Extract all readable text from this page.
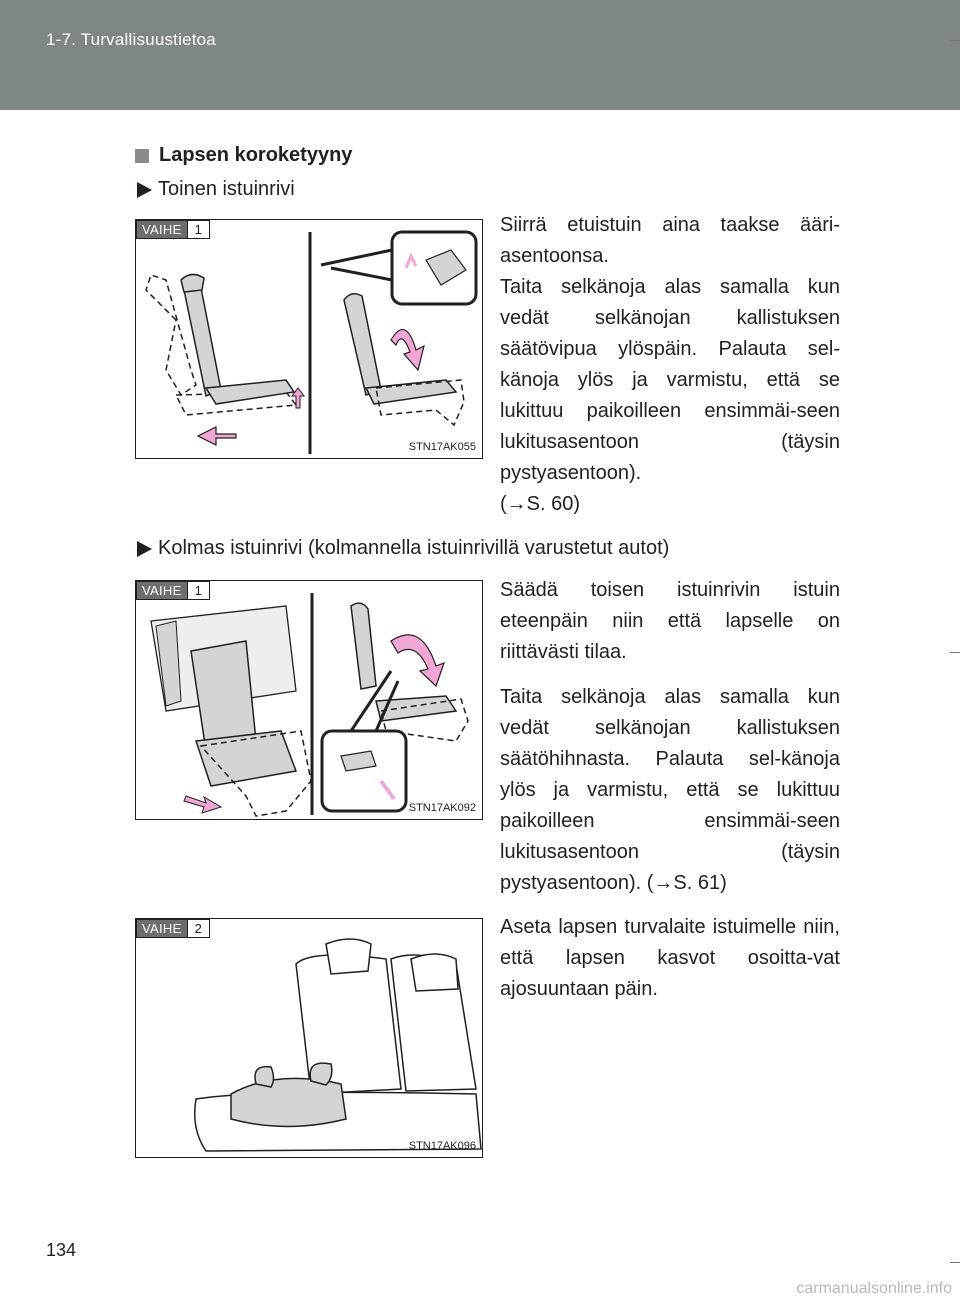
1-7. Turvallisuustietoa
Lapsen koroketyyny
Toinen istuinrivi
VAIHE	1
STN17AK055

Siirrä etuistuin aina taakse ääri-asentoonsa.

Taita selkänoja alas samalla kun vedät selkänojan kallistuksen säätövipua ylöspäin. Palauta sel-känoja ylös ja varmistu, että se lukittuu paikoilleen ensimmäi-seen lukitusasentoon (täysin pystyasentoon).

(→S. 60)

Kolmas istuinrivi (kolmannella istuinrivillä varustetut autot)
VAIHE	1
STN17AK092

Säädä toisen istuinrivin istuin eteenpäin niin että lapselle on riittävästi tilaa.

Taita selkänoja alas samalla kun vedät selkänojan kallistuksen säätöhihnasta. Palauta sel-känoja ylös ja varmistu, että se lukittuu paikoilleen ensimmäi-seen lukitusasentoon (täysin pystyasentoon). (→S. 61)

VAIHE	2
STN17AK096

Aseta lapsen turvalaite istuimelle niin, että lapsen kasvot osoitta-vat ajosuuntaan päin.

134
carmanualsonline.info
